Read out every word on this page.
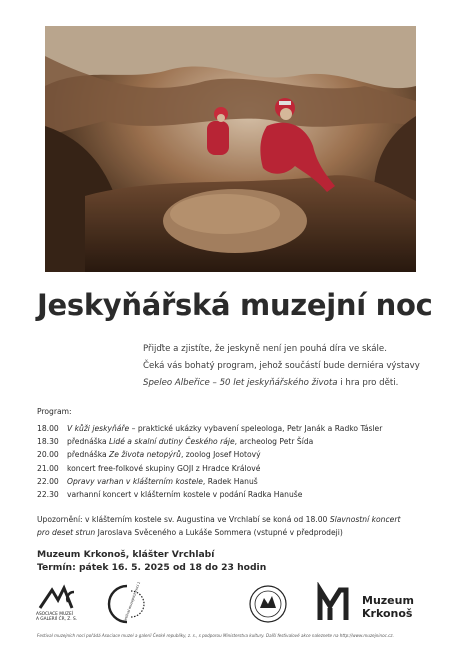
Jeskyňářská muzejní noc
Přijďte a zjistíte, že jeskyně není jen pouhá díra ve skále.
Čeká vás bohatý program, jehož součástí bude derniéra výstavy
Speleo Albeřice – 50 let jeskyňářského života i hra pro děti.
Program:
18.00	V kůži jeskyňáře – praktické ukázky vybavení speleologa, Petr Janák a Radko Tásler
18.30	přednáška Lidé a skalní dutiny Českého ráje, archeolog Petr Šída
20.00	přednáška Ze života netopýrů, zoolog Josef Hotový
21.00	koncert free-folkové skupiny GOJI z Hradce Králové
22.00	Opravy varhan v klášterním kostele, Radek Hanuš
22.30	varhanní koncert v klášterním kostele v podání Radka Hanuše
Upozornění: v klášterním kostele sv. Augustina ve Vrchlabí se koná od 18.00 Slavnostní koncert
pro deset strun Jaroslava Svěceného a Lukáše Sommera (vstupné v předprodeji)
Muzeum Krkonoš, klášter Vrchlabí
Termín: pátek 16. 5. 2025 od 18 do 23 hodin
ASOCIACE MUZEÍ
A GALERIÍ ČR, Z. S.	Festival muzejních nocí 2025	Muzeum
Krkonoš
Festival muzejních nocí pořádá Asociace muzeí a galerií České republiky, z. s., s podporou Ministerstva kultury. Další festivalové akce naleznete na http://www.muzejninoc.cz.
